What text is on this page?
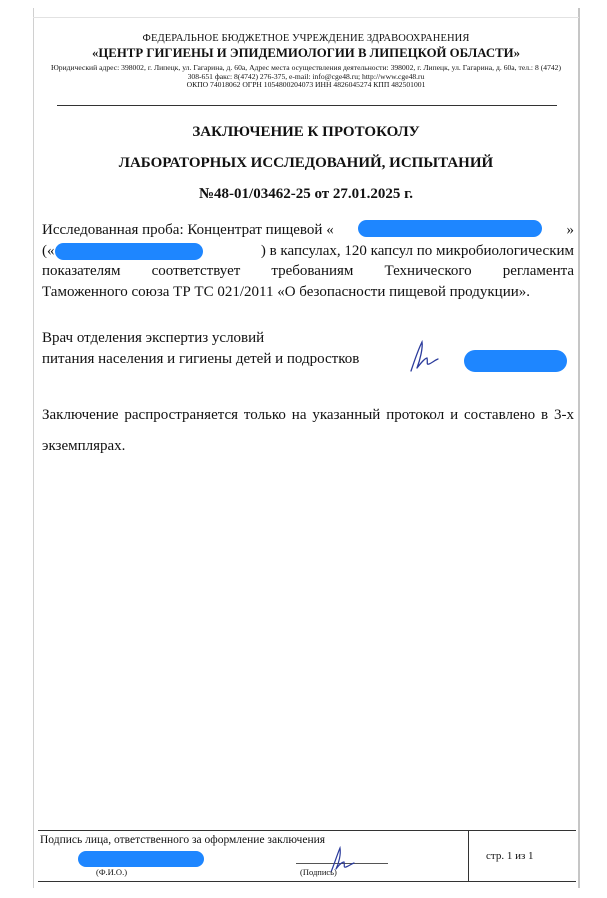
ФЕДЕРАЛЬНОЕ БЮДЖЕТНОЕ УЧРЕЖДЕНИЕ ЗДРАВООХРАНЕНИЯ
«ЦЕНТР ГИГИЕНЫ И ЭПИДЕМИОЛОГИИ В ЛИПЕЦКОЙ ОБЛАСТИ»
Юридический адрес: 398002, г. Липецк, ул. Гагарина, д. 60а, Адрес места осуществления деятельности: 398002, г. Липецк, ул. Гагарина, д. 60а, тел.: 8 (4742) 308-651 факс: 8(4742) 276-375, e-mail: info@cge48.ru; http://www.cge48.ru
ОКПО 74018062 ОГРН 1054800204073 ИНН 4826045274 КПП 482501001
ЗАКЛЮЧЕНИЕ К ПРОТОКОЛУ
ЛАБОРАТОРНЫХ ИССЛЕДОВАНИЙ, ИСПЫТАНИЙ
№48-01/03462-25 от 27.01.2025 г.
Исследованная проба: Концентрат пищевой «	»
(«	) в капсулах, 120 капсул по микробиологическим
показателям соответствует требованиям Технического регламента
Таможенного союза ТР ТС 021/2011 «О безопасности пищевой продукции».
Врач отделения экспертиз условий
питания населения и гигиены детей и подростков
Заключение распространяется только на указанный протокол и составлено в 3-х экземплярах.
Подпись лица, ответственного за оформление заключения
(Ф.И.О.)	(Подпись)
стр. 1 из 1
